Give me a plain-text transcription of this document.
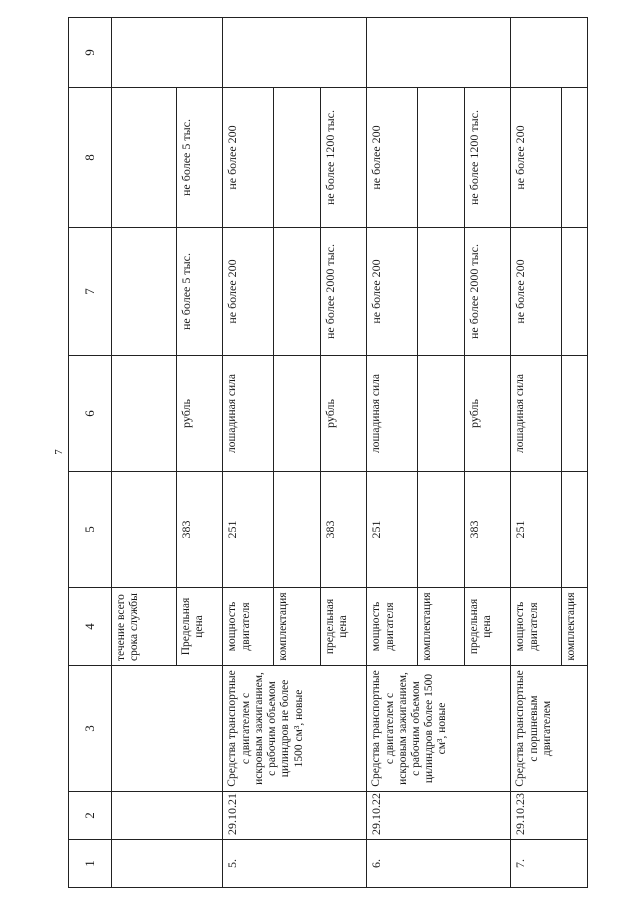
7
1	2	3	4	5	6	7	8	9
			течение всего срока службы					
			Предельная цена	383	рубль	не более 5 тыс.	не более 5 тыс.	
5.	29.10.21	Средства транспортные с двигателем с искровым зажиганием, с рабочим объемом цилиндров не более 1500 см³, новые	мощность двигателя	251	лошадиная сила	не более 200	не более 200	
			комплектация					
			предельная цена	383	рубль	не более 2000 тыс.	не более 1200 тыс.	
6.	29.10.22	Средства транспортные с двигателем с искровым зажиганием, с рабочим объемом цилиндров более 1500 см³, новые	мощность двигателя	251	лошадиная сила	не более 200	не более 200	
			комплектация					
			предельная цена	383	рубль	не более 2000 тыс.	не более 1200 тыс.	
7.	29.10.23	Средства транспортные с поршневым двигателем	мощность двигателя	251	лошадиная сила	не более 200	не более 200	
			комплектация					
